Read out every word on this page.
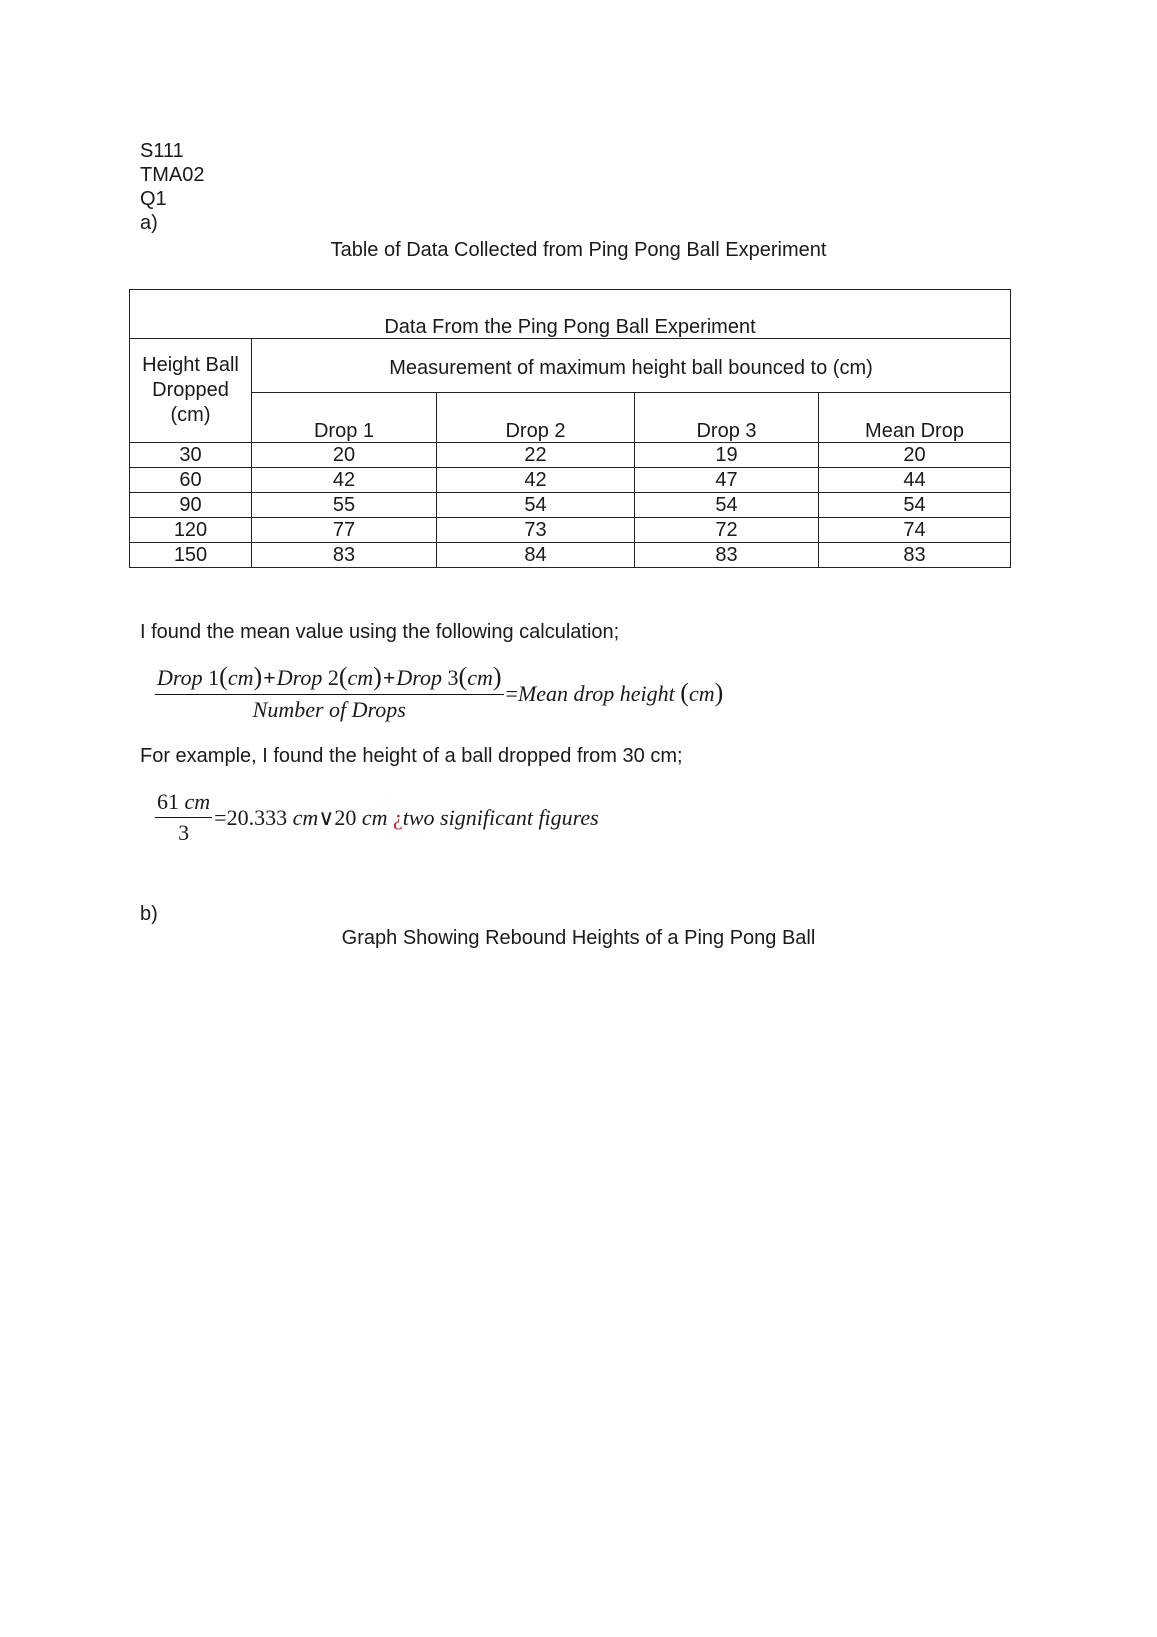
S111

TMA02

Q1

a)

Table of Data Collected from Ping Pong Ball Experiment

Data From the Ping Pong Ball Experiment				
Height Ball Dropped (cm)	Measurement of maximum height ball bounced to (cm)			
	Drop 1	Drop 2	Drop 3	Mean Drop
30	20	22	19	20
60	42	42	47	44
90	55	54	54	54
120	77	73	72	74
150	83	84	83	83

I found the mean value using the following calculation;

$\frac{\text{Drop 1(cm)+Drop 2(cm)+Drop 3(cm)}}{\text{Number of Drops}}$ =Mean drop height (cm)

For example, I found the height of a ball dropped from 30 cm;

$\frac{61 cm}{3} =20.333$ cm∨20 cm ¿two significant figures

b)

Graph Showing Rebound Heights of a Ping Pong Ball
